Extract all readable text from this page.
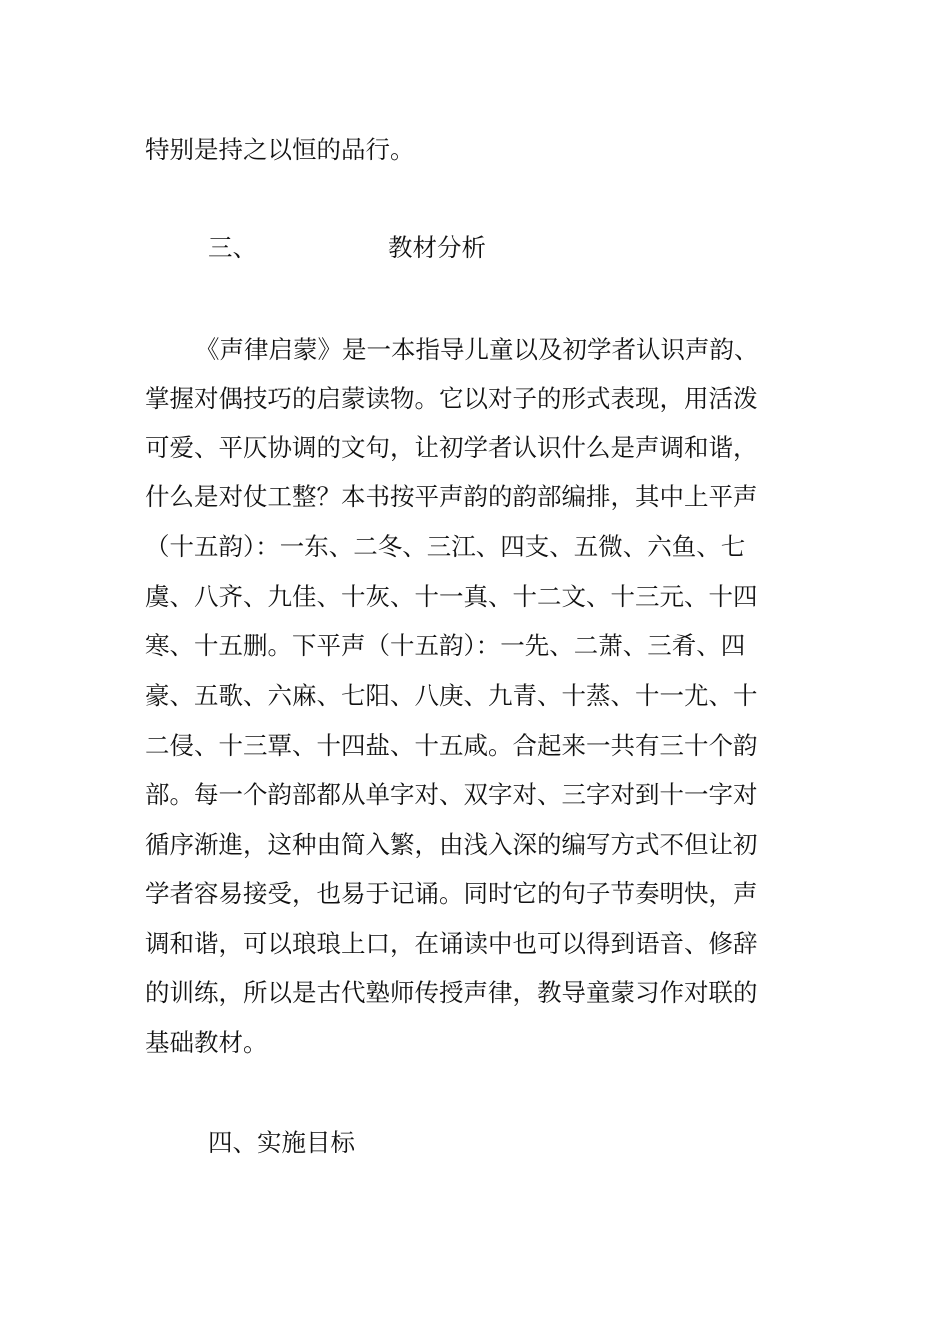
特别是持之以恒的品行。
三、	教材分析
《声律启蒙》是一本指导儿童以及初学者认识声韵、
掌握对偶技巧的启蒙读物。它以对子的形式表现，用活泼
可爱、平仄协调的文句，让初学者认识什么是声调和谐，
什么是对仗工整？本书按平声韵的韵部编排，其中上平声
（十五韵）：一东、二冬、三江、四支、五微、六鱼、七
虞、八齐、九佳、十灰、十一真、十二文、十三元、十四
寒、十五删。下平声（十五韵）：一先、二萧、三肴、四
豪、五歌、六麻、七阳、八庚、九青、十蒸、十一尤、十
二侵、十三覃、十四盐、十五咸。合起来一共有三十个韵
部。每一个韵部都从单字对、双字对、三字对到十一字对
循序渐進，这种由简入繁，由浅入深的编写方式不但让初
学者容易接受，也易于记诵。同时它的句子节奏明快，声
调和谐，可以琅琅上口，在诵读中也可以得到语音、修辞
的训练，所以是古代塾师传授声律，教导童蒙习作对联的
基础教材。
四、实施目标
